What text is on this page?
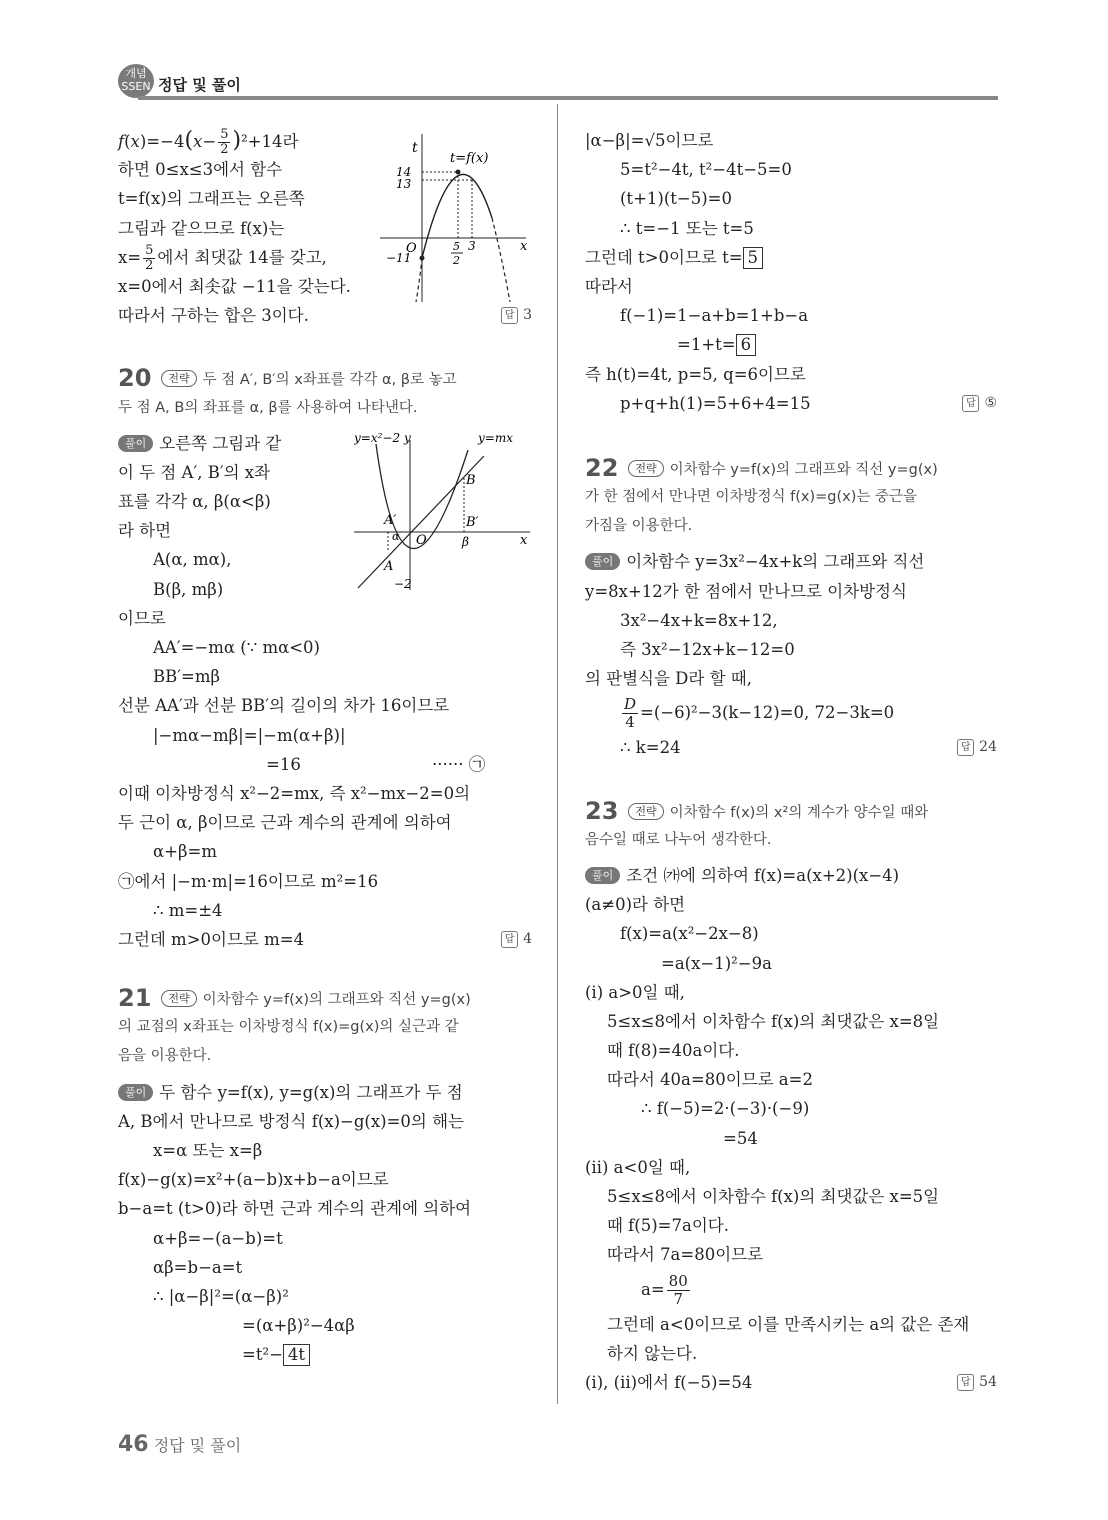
개념 SSEN 정답 및 풀이
t
t=f(x)
14
13
O	5
2
3	x
−11
$f(x)=-4(x- \frac{5}{2} )^2+14$라
하면 0≤x≤3에서 함수
t=f(x)의 그래프는 오른쪽
그림과 같으므로 f(x)는
$x= \frac{5}{2}$ 에서 최댓값 14를 갖고,
x=0에서 최솟값 −11을 갖는다.
따라서 구하는 합은 3이다.	답 3
y=x²−2 y	y=mx
B
A′	B′
α O	β	x
A
−2
20 전략 두 점 A′, B′의 x좌표를 각각 α, β로 놓고
두 점 A, B의 좌표를 α, β를 사용하여 나타낸다.
풀이 오른쪽 그림과 같
이 두 점 A′, B′의 x좌
표를 각각 α, β(α<β)
라 하면
A(α, mα),
B(β, mβ)
이므로
AA′=−mα (∵ mα<0)
BB′=mβ
선분 AA′과 선분 BB′의 길이의 차가 16이므로
|−mα−mβ|=|−m(α+β)|
=16	······ ㉠
이때 이차방정식 x²−2=mx, 즉 x²−mx−2=0의
두 근이 α, β이므로 근과 계수의 관계에 의하여
α+β=m
㉠에서 |−m·m|=16이므로 m²=16
∴ m=±4
그런데 m>0이므로 m=4	답 4
21 전략 이차함수 y=f(x)의 그래프와 직선 y=g(x)
의 교점의 x좌표는 이차방정식 f(x)=g(x)의 실근과 같
음을 이용한다.
풀이 두 함수 y=f(x), y=g(x)의 그래프가 두 점
A, B에서 만나므로 방정식 f(x)−g(x)=0의 해는
x=α 또는 x=β
f(x)−g(x)=x²+(a−b)x+b−a이므로
b−a=t (t>0)라 하면 근과 계수의 관계에 의하여
α+β=−(a−b)=t
αβ=b−a=t
∴ |α−β|²=(α−β)²
=(α+β)²−4αβ
=t²− 4t
|α−β|=√5이므로
5=t²−4t, t²−4t−5=0
(t+1)(t−5)=0
∴ t=−1 또는 t=5
그런데 t>0이므로 t= 5
따라서
f(−1)=1−a+b=1+b−a
=1+t= 6
즉 h(t)=4t, p=5, q=6이므로
p+q+h(1)=5+6+4=15	답 ⑤
22 전략 이차함수 y=f(x)의 그래프와 직선 y=g(x)
가 한 점에서 만나면 이차방정식 f(x)=g(x)는 중근을
가짐을 이용한다.
풀이 이차함수 y=3x²−4x+k의 그래프와 직선
y=8x+12가 한 점에서 만나므로 이차방정식
3x²−4x+k=8x+12,
즉 3x²−12x+k−12=0
의 판별식을 D라 할 때,
$\frac{D}{4} =(-6)^2-3(k-12)=0$, 72−3k=0
∴ k=24	답 24
23 전략 이차함수 f(x)의 x²의 계수가 양수일 때와
음수일 때로 나누어 생각한다.
풀이 조건 ㈎에 의하여 f(x)=a(x+2)(x−4)
(a≠0)라 하면
f(x)=a(x²−2x−8)
=a(x−1)²−9a
(ⅰ) a>0일 때,
5≤x≤8에서 이차함수 f(x)의 최댓값은 x=8일
때 f(8)=40a이다.
따라서 40a=80이므로 a=2
∴ f(−5)=2·(−3)·(−9)
=54
(ⅱ) a<0일 때,
5≤x≤8에서 이차함수 f(x)의 최댓값은 x=5일
때 f(5)=7a이다.
따라서 7a=80이므로
$a= \frac{80}{7}$
그런데 a<0이므로 이를 만족시키는 a의 값은 존재
하지 않는다.
(ⅰ), (ⅱ)에서 f(−5)=54	답 54
46 정답 및 풀이
